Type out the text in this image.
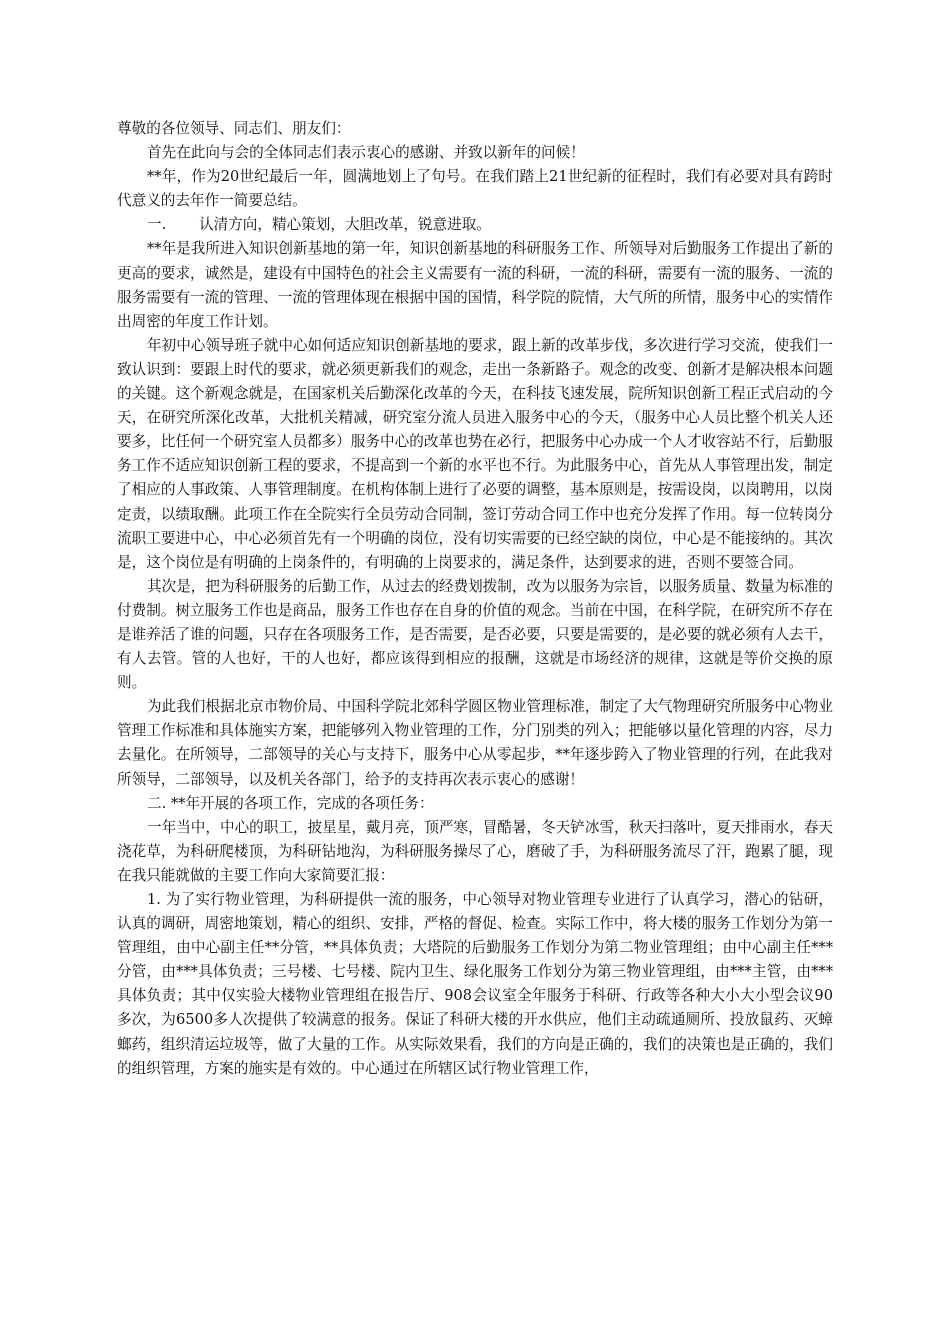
尊敬的各位领导、同志们、朋友们：

首先在此向与会的全体同志们表示衷心的感谢、并致以新年的问候！

**年，作为20世纪最后一年，圆满地划上了句号。在我们踏上21世纪新的征程时，我们有必要对具有跨时代意义的去年作一简要总结。

一. 认清方向，精心策划，大胆改革，锐意进取。

**年是我所进入知识创新基地的第一年，知识创新基地的科研服务工作、所领导对后勤服务工作提出了新的更高的要求，诚然是，建设有中国特色的社会主义需要有一流的科研，一流的科研，需要有一流的服务、一流的服务需要有一流的管理、一流的管理体现在根据中国的国情，科学院的院情，大气所的所情，服务中心的实情作出周密的年度工作计划。

年初中心领导班子就中心如何适应知识创新基地的要求，跟上新的改革步伐，多次进行学习交流，使我们一致认识到：要跟上时代的要求，就必须更新我们的观念，走出一条新路子。观念的改变、创新才是解决根本问题的关键。这个新观念就是，在国家机关后勤深化改革的今天，在科技飞速发展，院所知识创新工程正式启动的今天，在研究所深化改革，大批机关精减，研究室分流人员进入服务中心的今天，（服务中心人员比整个机关人还要多，比任何一个研究室人员都多）服务中心的改革也势在必行，把服务中心办成一个人才收容站不行，后勤服务工作不适应知识创新工程的要求，不提高到一个新的水平也不行。为此服务中心，首先从人事管理出发，制定了相应的人事政策、人事管理制度。在机构体制上进行了必要的调整，基本原则是，按需设岗，以岗聘用，以岗定责，以绩取酬。此项工作在全院实行全员劳动合同制，签订劳动合同工作中也充分发挥了作用。每一位转岗分流职工要进中心，中心必须首先有一个明确的岗位，没有切实需要的已经空缺的岗位，中心是不能接纳的。其次是，这个岗位是有明确的上岗条件的，有明确的上岗要求的，满足条件，达到要求的进，否则不要签合同。

其次是，把为科研服务的后勤工作，从过去的经费划拨制，改为以服务为宗旨，以服务质量、数量为标准的付费制。树立服务工作也是商品，服务工作也存在自身的价值的观念。当前在中国，在科学院，在研究所不存在是谁养活了谁的问题，只存在各项服务工作，是否需要，是否必要，只要是需要的，是必要的就必须有人去干，有人去管。管的人也好，干的人也好，都应该得到相应的报酬，这就是市场经济的规律，这就是等价交换的原则。

为此我们根据北京市物价局、中国科学院北郊科学圆区物业管理标准，制定了大气物理研究所服务中心物业管理工作标准和具体施实方案，把能够列入物业管理的工作，分门别类的列入；把能够以量化管理的内容，尽力去量化。在所领导，二部领导的关心与支持下，服务中心从零起步，**年逐步跨入了物业管理的行列，在此我对所领导，二部领导，以及机关各部门，给予的支持再次表示衷心的感谢！

二. **年开展的各项工作，完成的各项任务：

一年当中，中心的职工，披星星，戴月亮，顶严寒，冒酷暑，冬天铲冰雪，秋天扫落叶，夏天排雨水，春天浇花草，为科研爬楼顶，为科研钻地沟，为科研服务操尽了心，磨破了手，为科研服务流尽了汗，跑累了腿，现在我只能就做的主要工作向大家简要汇报：

1. 为了实行物业管理，为科研提供一流的服务，中心领导对物业管理专业进行了认真学习，潜心的钻研，认真的调研，周密地策划，精心的组织、安排，严格的督促、检查。实际工作中，将大楼的服务工作划分为第一管理组，由中心副主任**分管，**具体负责；大塔院的后勤服务工作划分为第二物业管理组；由中心副主任***分管，由***具体负责；三号楼、七号楼、院内卫生、绿化服务工作划分为第三物业管理组，由***主管，由***具体负责；其中仅实验大楼物业管理组在报告厅、908会议室全年服务于科研、行政等各种大小大小型会议90多次，为6500多人次提供了较满意的报务。保证了科研大楼的开水供应，他们主动疏通厕所、投放鼠药、灭蟑螂药，组织清运垃圾等，做了大量的工作。从实际效果看，我们的方向是正确的，我们的决策也是正确的，我们的组织管理，方案的施实是有效的。中心通过在所辖区试行物业管理工作，
